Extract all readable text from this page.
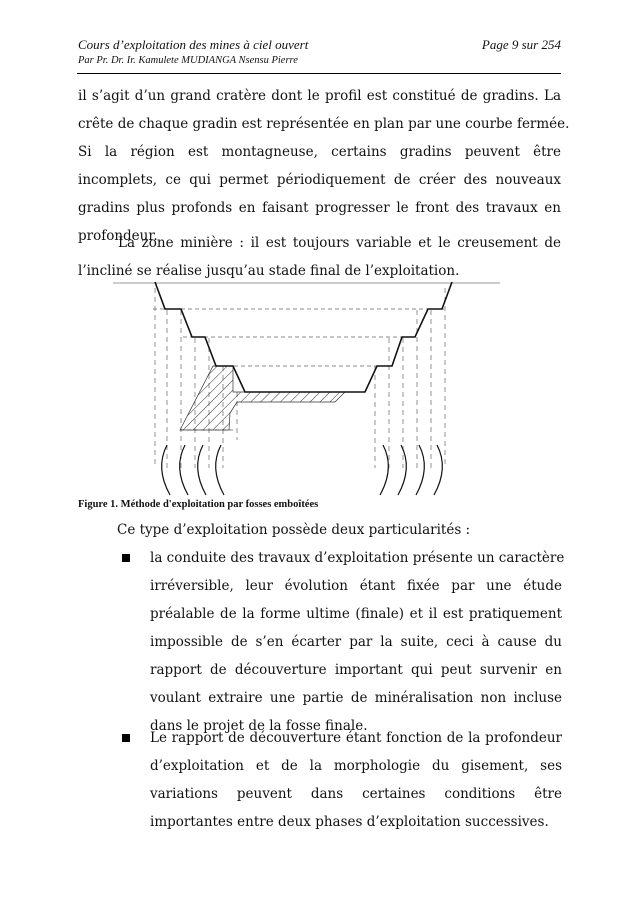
Cours d’exploitation des mines à ciel ouvert	Page 9 sur 254
Par Pr. Dr. Ir. Kamulete MUDIANGA Nsensu Pierre
il s’agit d’un grand cratère dont le profil est constitué de gradins. La
crête de chaque gradin est représentée en plan par une courbe fermée.
Si la région est montagneuse, certains gradins peuvent être
incomplets, ce qui permet périodiquement de créer des nouveaux
gradins plus profonds en faisant progresser le front des travaux en
profondeur.
La zone minière : il est toujours variable et le creusement de
l’incliné se réalise jusqu’au stade final de l’exploitation.
Figure 1. Méthode d'exploitation par fosses emboîtées
Ce type d’exploitation possède deux particularités :
la conduite des travaux d’exploitation présente un caractère
irréversible, leur évolution étant fixée par une étude
préalable de la forme ultime (finale) et il est pratiquement
impossible de s’en écarter par la suite, ceci à cause du
rapport de découverture important qui peut survenir en
voulant extraire une partie de minéralisation non incluse
dans le projet de la fosse finale.
Le rapport de découverture étant fonction de la profondeur
d’exploitation et de la morphologie du gisement, ses
variations peuvent dans certaines conditions être
importantes entre deux phases d’exploitation successives.
